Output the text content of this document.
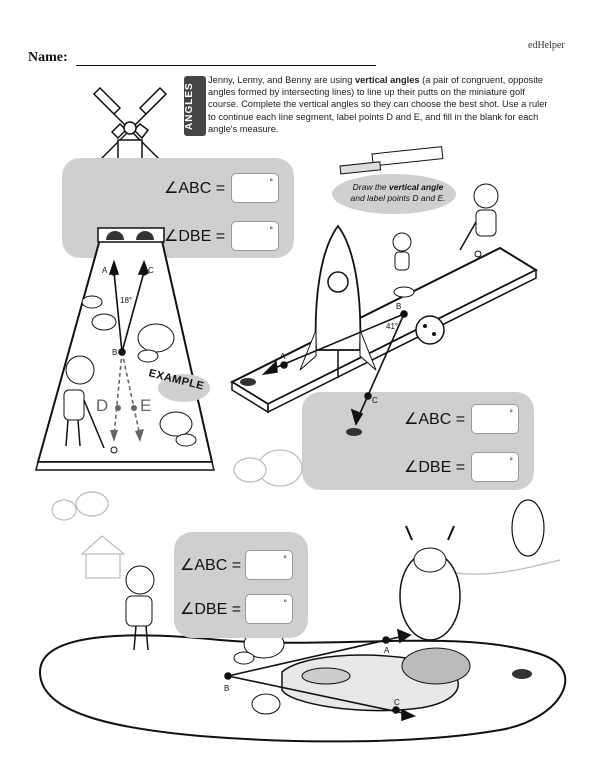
edHelper
Name:
ANGLES
Jenny, Lenny, and Benny are using vertical angles (a pair of congruent, opposite angles formed by intersecting lines) to line up their putts on the miniature golf course. Complete the vertical angles so they can choose the best shot. Use a ruler to continue each line segment, label points D and E, and fill in the blank for each angle's measure.
∠ABC =	°
∠DBE =	°
A	C
18°
B
D E
EXAMPLE
Draw the vertical angle
and label points D and E.
B
41°
A
C
∠ABC =	°
∠DBE =	°
∠ABC =	°
∠DBE =	°
B
A
C
